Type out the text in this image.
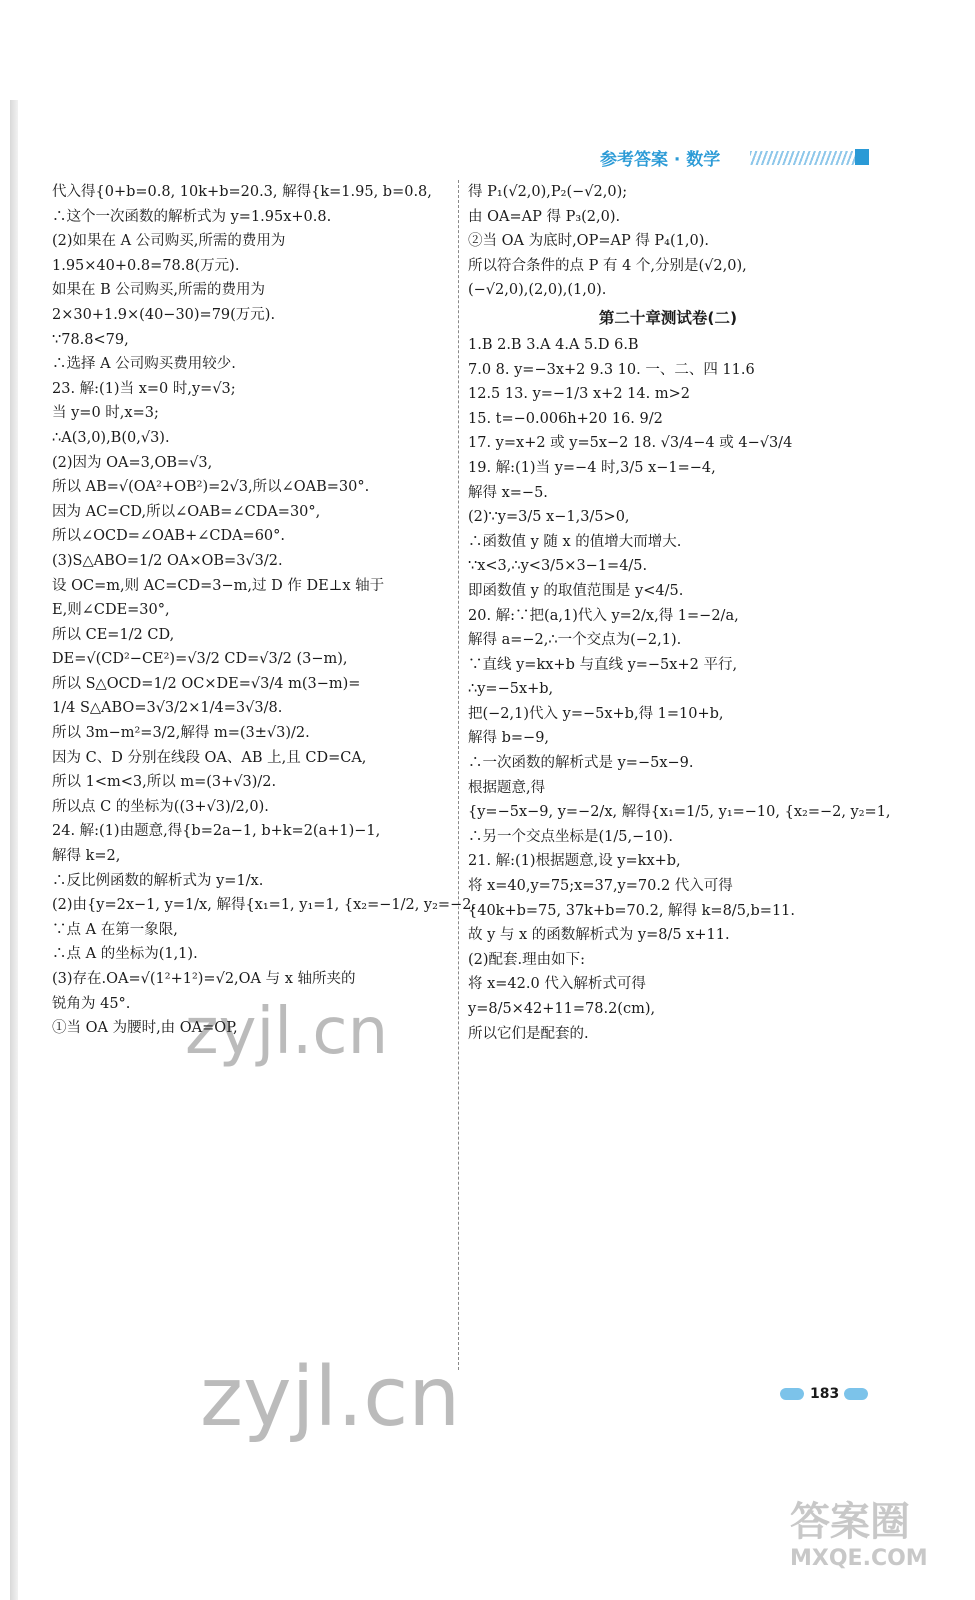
参考答案 · 数学
代入得{0+b=0.8, 10k+b=20.3, 解得{k=1.95, b=0.8,
∴这个一次函数的解析式为 y=1.95x+0.8.
(2)如果在 A 公司购买,所需的费用为
1.95×40+0.8=78.8(万元).
如果在 B 公司购买,所需的费用为
2×30+1.9×(40−30)=79(万元).
∵78.8<79,
∴选择 A 公司购买费用较少.
23. 解:(1)当 x=0 时,y=√3;
当 y=0 时,x=3;
∴A(3,0),B(0,√3).
(2)因为 OA=3,OB=√3,
所以 AB=√(OA²+OB²)=2√3,所以∠OAB=30°.
因为 AC=CD,所以∠OAB=∠CDA=30°,
所以∠OCD=∠OAB+∠CDA=60°.
(3)S△ABO=1/2 OA×OB=3√3/2.
设 OC=m,则 AC=CD=3−m,过 D 作 DE⊥x 轴于
E,则∠CDE=30°,
所以 CE=1/2 CD,
DE=√(CD²−CE²)=√3/2 CD=√3/2 (3−m),
所以 S△OCD=1/2 OC×DE=√3/4 m(3−m)=
1/4 S△ABO=3√3/2×1/4=3√3/8.
所以 3m−m²=3/2,解得 m=(3±√3)/2.
因为 C、D 分别在线段 OA、AB 上,且 CD=CA,
所以 1<m<3,所以 m=(3+√3)/2.
所以点 C 的坐标为((3+√3)/2,0).
24. 解:(1)由题意,得{b=2a−1, b+k=2(a+1)−1,
解得 k=2,
∴反比例函数的解析式为 y=1/x.
(2)由{y=2x−1, y=1/x, 解得{x₁=1, y₁=1, {x₂=−1/2, y₂=−2.
∵点 A 在第一象限,
∴点 A 的坐标为(1,1).
(3)存在.OA=√(1²+1²)=√2,OA 与 x 轴所夹的
锐角为 45°.
①当 OA 为腰时,由 OA=OP,
得 P₁(√2,0),P₂(−√2,0);
由 OA=AP 得 P₃(2,0).
②当 OA 为底时,OP=AP 得 P₄(1,0).
所以符合条件的点 P 有 4 个,分别是(√2,0),
(−√2,0),(2,0),(1,0).
第二十章测试卷(二)
1.B 2.B 3.A 4.A 5.D 6.B
7.0 8. y=−3x+2 9.3 10. 一、二、四 11.6
12.5 13. y=−1/3 x+2 14. m>2
15. t=−0.006h+20 16. 9/2
17. y=x+2 或 y=5x−2 18. √3/4−4 或 4−√3/4
19. 解:(1)当 y=−4 时,3/5 x−1=−4,
解得 x=−5.
(2)∵y=3/5 x−1,3/5>0,
∴函数值 y 随 x 的值增大而增大.
∵x<3,∴y<3/5×3−1=4/5.
即函数值 y 的取值范围是 y<4/5.
20. 解:∵把(a,1)代入 y=2/x,得 1=−2/a,
解得 a=−2,∴一个交点为(−2,1).
∵直线 y=kx+b 与直线 y=−5x+2 平行,
∴y=−5x+b,
把(−2,1)代入 y=−5x+b,得 1=10+b,
解得 b=−9,
∴一次函数的解析式是 y=−5x−9.
根据题意,得
{y=−5x−9, y=−2/x, 解得{x₁=1/5, y₁=−10, {x₂=−2, y₂=1,
∴另一个交点坐标是(1/5,−10).
21. 解:(1)根据题意,设 y=kx+b,
将 x=40,y=75;x=37,y=70.2 代入可得
{40k+b=75, 37k+b=70.2, 解得 k=8/5,b=11.
故 y 与 x 的函数解析式为 y=8/5 x+11.
(2)配套.理由如下:
将 x=42.0 代入解析式可得
y=8/5×42+11=78.2(cm),
所以它们是配套的.
zyjl.cn
zyjl.cn	183
答案圈
MXQE.COM
